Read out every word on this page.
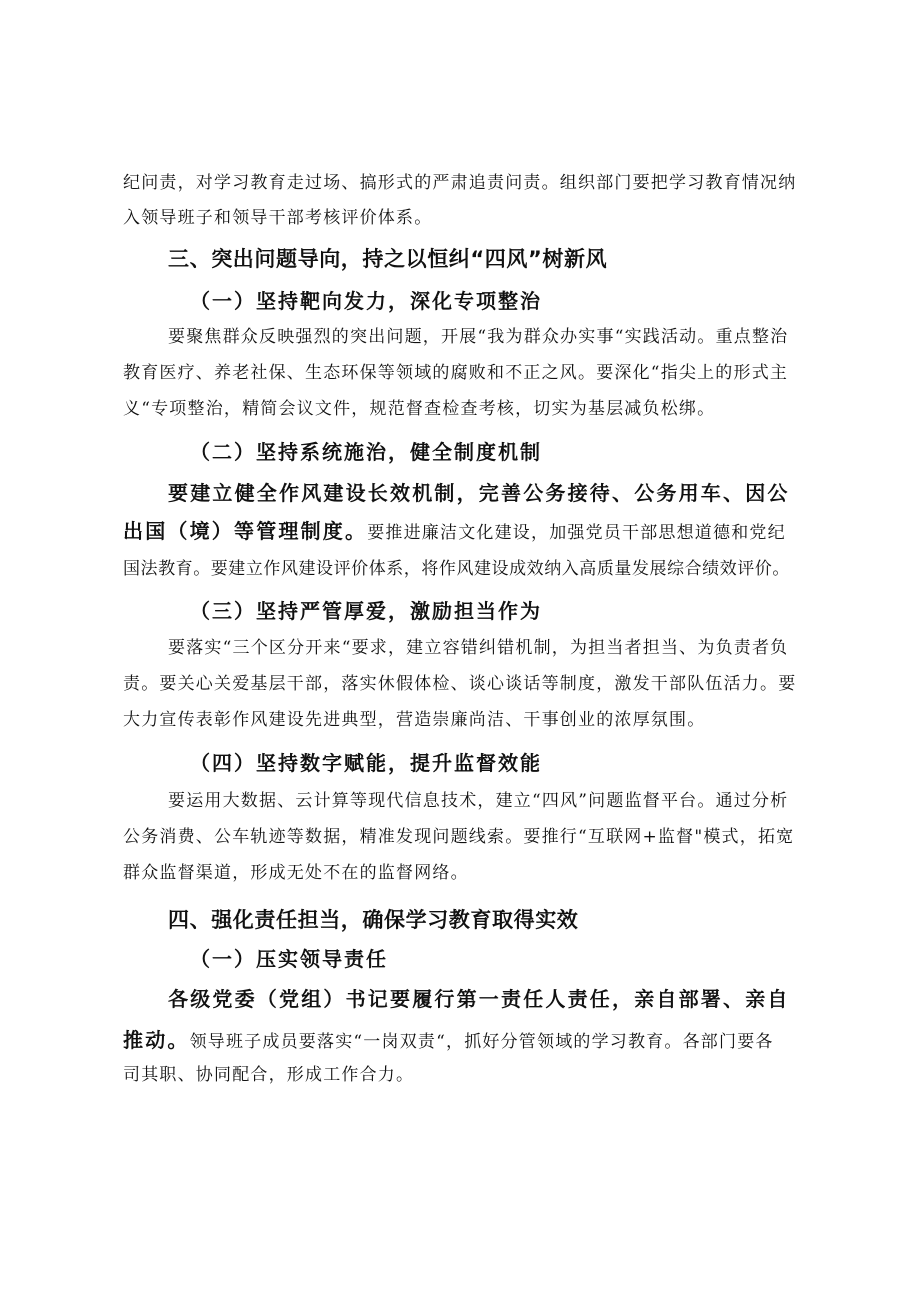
纪问责，对学习教育走过场、搞形式的严肃追责问责。组织部门要把学习教育情况纳
入领导班子和领导干部考核评价体系。
三、突出问题导向，持之以恒纠“四风”树新风
（一）坚持靶向发力，深化专项整治
要聚焦群众反映强烈的突出问题，开展“我为群众办实事“实践活动。重点整治
教育医疗、养老社保、生态环保等领域的腐败和不正之风。要深化“指尖上的形式主
义“专项整治，精简会议文件，规范督查检查考核，切实为基层减负松绑。
（二）坚持系统施治，健全制度机制
要建立健全作风建设长效机制，完善公务接待、公务用车、因公
出国（境）等管理制度。要推进廉洁文化建设，加强党员干部思想道德和党纪
国法教育。要建立作风建设评价体系，将作风建设成效纳入高质量发展综合绩效评价。
（三）坚持严管厚爱，激励担当作为
要落实“三个区分开来“要求，建立容错纠错机制，为担当者担当、为负责者负
责。要关心关爱基层干部，落实休假体检、谈心谈话等制度，激发干部队伍活力。要
大力宣传表彰作风建设先进典型，营造崇廉尚洁、干事创业的浓厚氛围。
（四）坚持数字赋能，提升监督效能
要运用大数据、云计算等现代信息技术，建立“四风”问题监督平台。通过分析
公务消费、公车轨迹等数据，精准发现问题线索。要推行“互联网+监督"模式，拓宽
群众监督渠道，形成无处不在的监督网络。
四、强化责任担当，确保学习教育取得实效
（一）压实领导责任
各级党委（党组）书记要履行第一责任人责任，亲自部署、亲自
推动。领导班子成员要落实“一岗双责“，抓好分管领域的学习教育。各部门要各
司其职、协同配合，形成工作合力。
